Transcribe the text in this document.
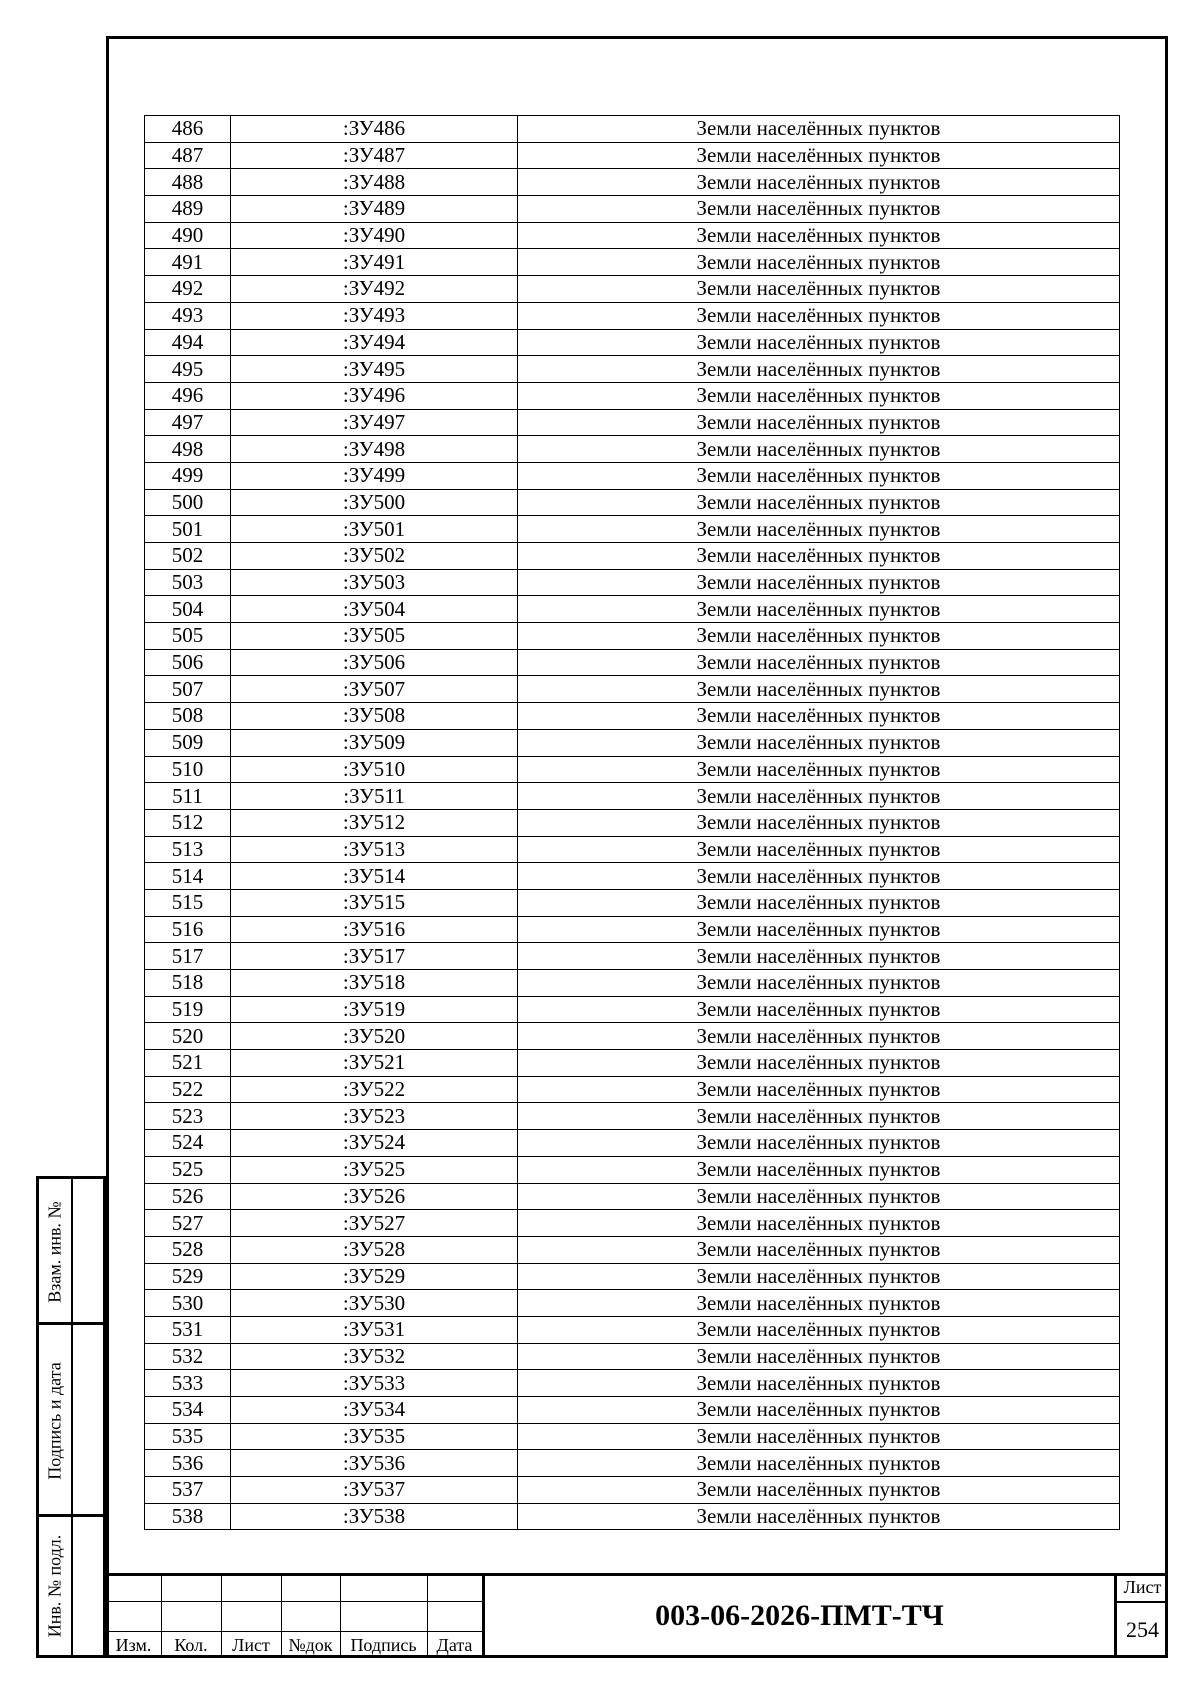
486	:ЗУ486	Земли населённых пунктов
487	:ЗУ487	Земли населённых пунктов
488	:ЗУ488	Земли населённых пунктов
489	:ЗУ489	Земли населённых пунктов
490	:ЗУ490	Земли населённых пунктов
491	:ЗУ491	Земли населённых пунктов
492	:ЗУ492	Земли населённых пунктов
493	:ЗУ493	Земли населённых пунктов
494	:ЗУ494	Земли населённых пунктов
495	:ЗУ495	Земли населённых пунктов
496	:ЗУ496	Земли населённых пунктов
497	:ЗУ497	Земли населённых пунктов
498	:ЗУ498	Земли населённых пунктов
499	:ЗУ499	Земли населённых пунктов
500	:ЗУ500	Земли населённых пунктов
501	:ЗУ501	Земли населённых пунктов
502	:ЗУ502	Земли населённых пунктов
503	:ЗУ503	Земли населённых пунктов
504	:ЗУ504	Земли населённых пунктов
505	:ЗУ505	Земли населённых пунктов
506	:ЗУ506	Земли населённых пунктов
507	:ЗУ507	Земли населённых пунктов
508	:ЗУ508	Земли населённых пунктов
509	:ЗУ509	Земли населённых пунктов
510	:ЗУ510	Земли населённых пунктов
511	:ЗУ511	Земли населённых пунктов
512	:ЗУ512	Земли населённых пунктов
513	:ЗУ513	Земли населённых пунктов
514	:ЗУ514	Земли населённых пунктов
515	:ЗУ515	Земли населённых пунктов
516	:ЗУ516	Земли населённых пунктов
517	:ЗУ517	Земли населённых пунктов
518	:ЗУ518	Земли населённых пунктов
519	:ЗУ519	Земли населённых пунктов
520	:ЗУ520	Земли населённых пунктов
521	:ЗУ521	Земли населённых пунктов
522	:ЗУ522	Земли населённых пунктов
523	:ЗУ523	Земли населённых пунктов
524	:ЗУ524	Земли населённых пунктов
525	:ЗУ525	Земли населённых пунктов
526	:ЗУ526	Земли населённых пунктов
527	:ЗУ527	Земли населённых пунктов
528	:ЗУ528	Земли населённых пунктов
529	:ЗУ529	Земли населённых пунктов
530	:ЗУ530	Земли населённых пунктов
531	:ЗУ531	Земли населённых пунктов
532	:ЗУ532	Земли населённых пунктов
533	:ЗУ533	Земли населённых пунктов
534	:ЗУ534	Земли населённых пунктов
535	:ЗУ535	Земли населённых пунктов
536	:ЗУ536	Земли населённых пунктов
537	:ЗУ537	Земли населённых пунктов
538	:ЗУ538	Земли населённых пунктов
Взам. инв. №
Подпись и дата
Инв. № подл.
Изм.	Кол.	Лист	№док Подпись	Дата
003-06-2026-ПМТ-ТЧ
Лист
254
